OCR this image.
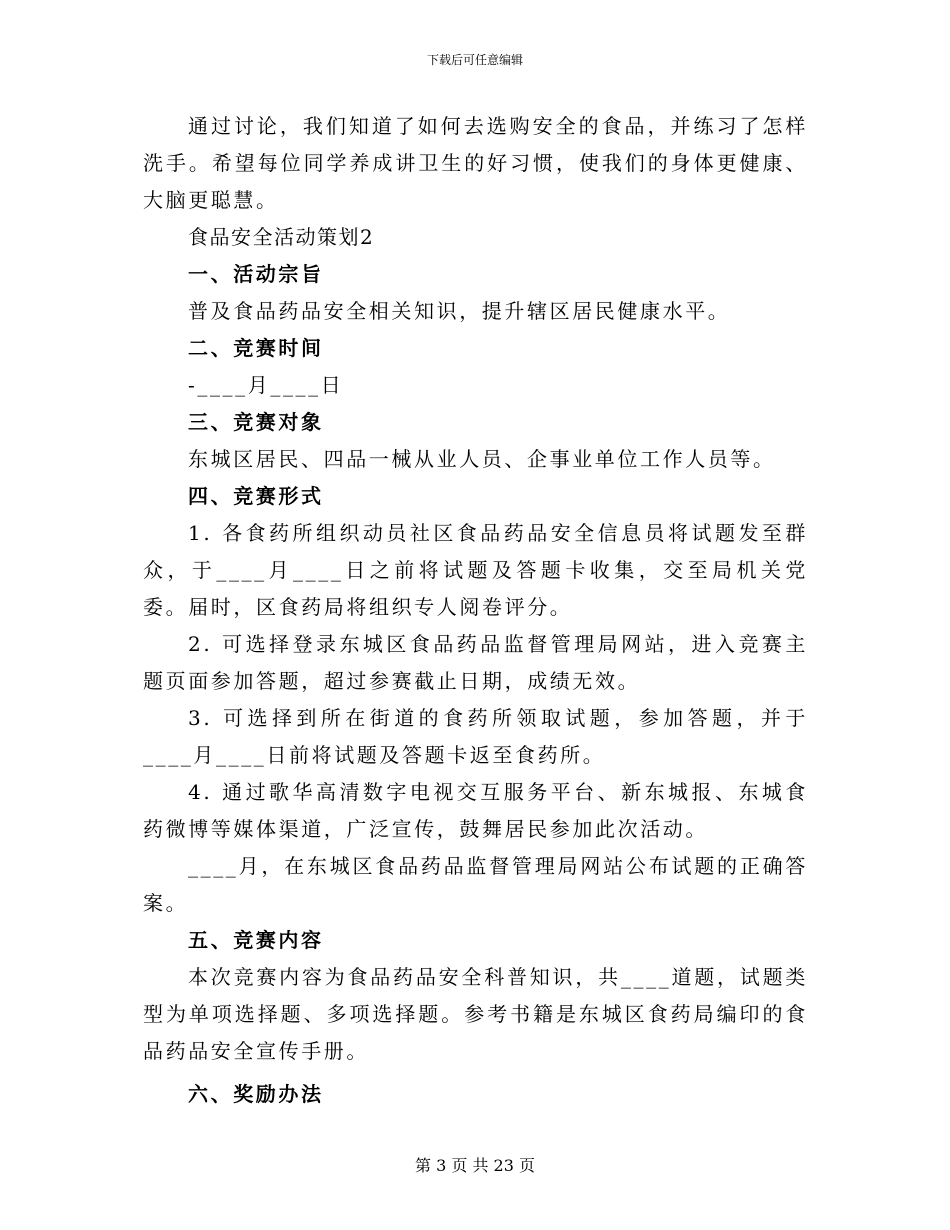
下载后可任意编辑

通过讨论，我们知道了如何去选购安全的食品，并练习了怎样洗手。希望每位同学养成讲卫生的好习惯，使我们的身体更健康、大脑更聪慧。

食品安全活动策划2

一、活动宗旨

普及食品药品安全相关知识，提升辖区居民健康水平。

二、竞赛时间

-____月____日

三、竞赛对象

东城区居民、四品一械从业人员、企事业单位工作人员等。

四、竞赛形式

1. 各食药所组织动员社区食品药品安全信息员将试题发至群众，于____月____日之前将试题及答题卡收集，交至局机关党委。届时，区食药局将组织专人阅卷评分。

2. 可选择登录东城区食品药品监督管理局网站，进入竞赛主题页面参加答题，超过参赛截止日期，成绩无效。

3. 可选择到所在街道的食药所领取试题，参加答题，并于____月____日前将试题及答题卡返至食药所。

4. 通过歌华高清数字电视交互服务平台、新东城报、东城食药微博等媒体渠道，广泛宣传，鼓舞居民参加此次活动。

____月，在东城区食品药品监督管理局网站公布试题的正确答案。

五、竞赛内容

本次竞赛内容为食品药品安全科普知识，共____道题，试题类型为单项选择题、多项选择题。参考书籍是东城区食药局编印的食品药品安全宣传手册。

六、奖励办法

第 3 页 共 23 页
